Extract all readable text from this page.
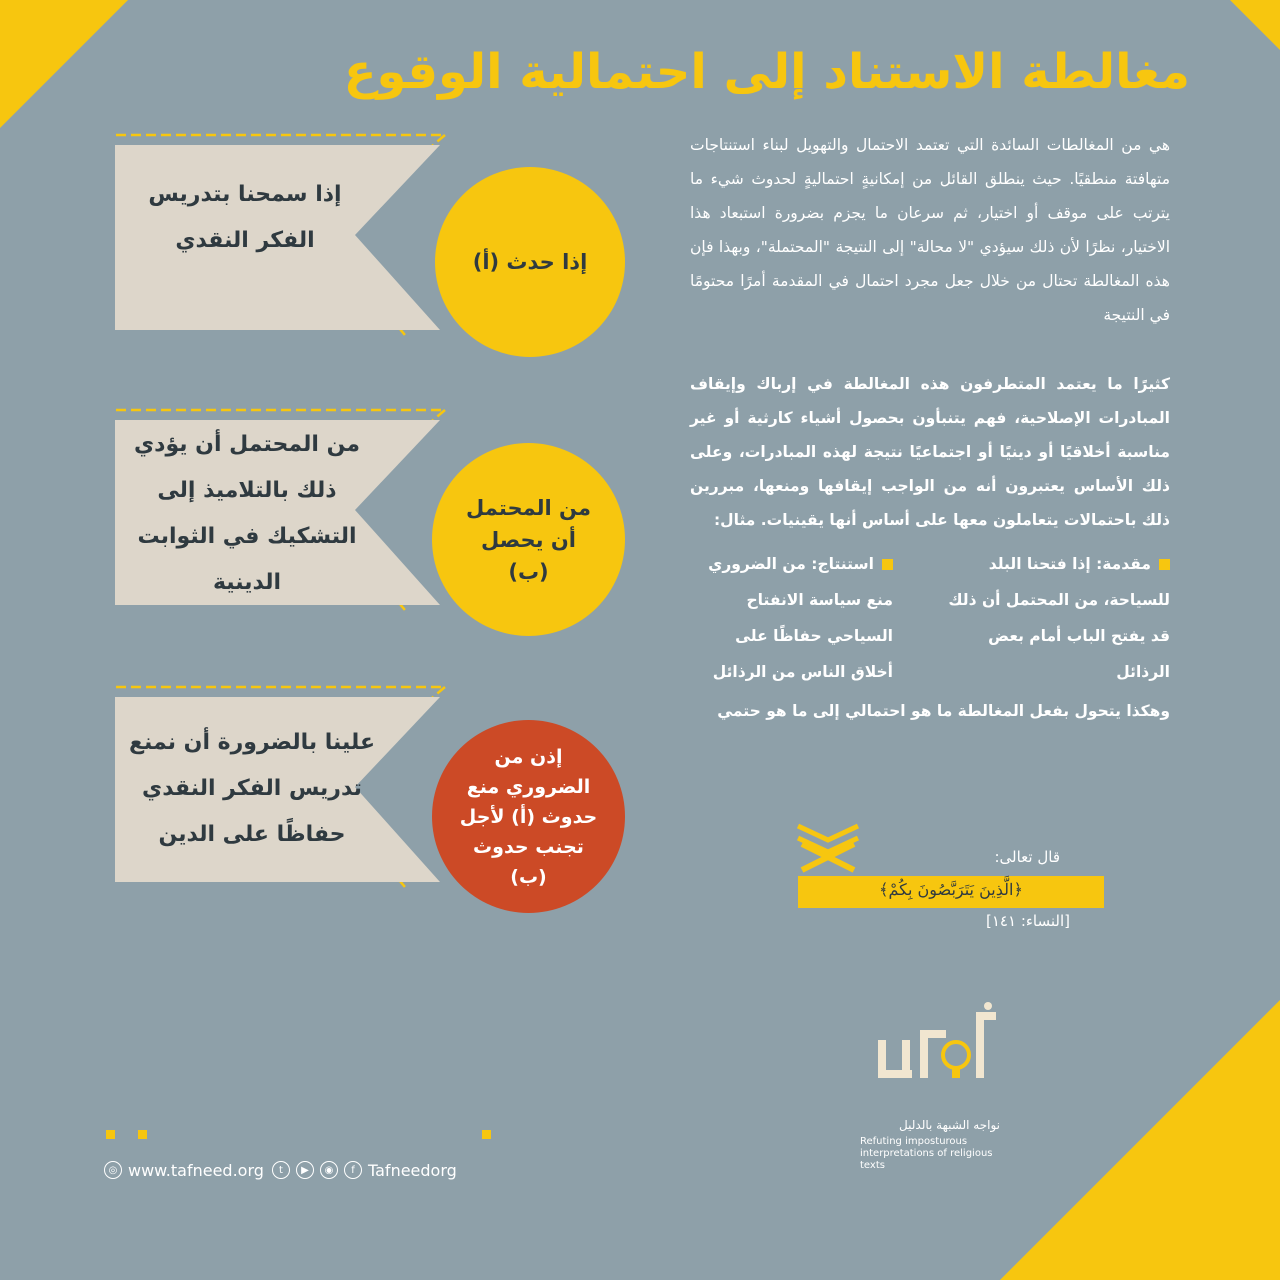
مغالطة الاستناد إلى احتمالية الوقوع
هي من المغالطات السائدة التي تعتمد الاحتمال والتهويل لبناء استنتاجات متهافتة منطقيًا. حيث ينطلق القائل من إمكانيةٍ احتماليةٍ لحدوث شيء ما يترتب على موقف أو اختيار، ثم سرعان ما يجزم بضرورة استبعاد هذا الاختيار، نظرًا لأن ذلك سيؤدي "لا محالة" إلى النتيجة "المحتملة"، وبهذا فإن هذه المغالطة تحتال من خلال جعل مجرد احتمال في المقدمة أمرًا محتومًا في النتيجة
كثيرًا ما يعتمد المتطرفون هذه المغالطة في إرباك وإيقاف المبادرات الإصلاحية، فهم يتنبأون بحصول أشياء كارثية أو غير مناسبة أخلاقيًا أو دينيًا أو اجتماعيًا نتيجة لهذه المبادرات، وعلى ذلك الأساس يعتبرون أنه من الواجب إيقافها ومنعها، مبررين ذلك باحتمالات يتعاملون معها على أساس أنها يقينيات. مثال:
مقدمة: إذا فتحنا البلد للسياحة، من المحتمل أن ذلك قد يفتح الباب أمام بعض الرذائل
استنتاج: من الضروري منع سياسة الانفتاح السياحي حفاظًا على أخلاق الناس من الرذائل
وهكذا يتحول بفعل المغالطة ما هو احتمالي إلى ما هو حتمي
إذا سمحنا بتدريس الفكر النقدي
من المحتمل أن يؤدي ذلك بالتلاميذ إلى التشكيك في الثوابت الدينية
علينا بالضرورة أن نمنع تدريس الفكر النقدي حفاظًا على الدين
إذا حدث (أ)
من المحتمل أن يحصل (ب)
إذن من الضروري منع حدوث (أ) لأجل تجنب حدوث (ب)
قال تعالى:
﴿الَّذِينَ يَتَرَبَّصُونَ بِكُمْ﴾
[النساء: ١٤١]
نواجه الشبهة بالدليل
Refuting imposturous interpretations of religious texts
◎ www.tafneed.org	t	▶	◉	f Tafneedorg
